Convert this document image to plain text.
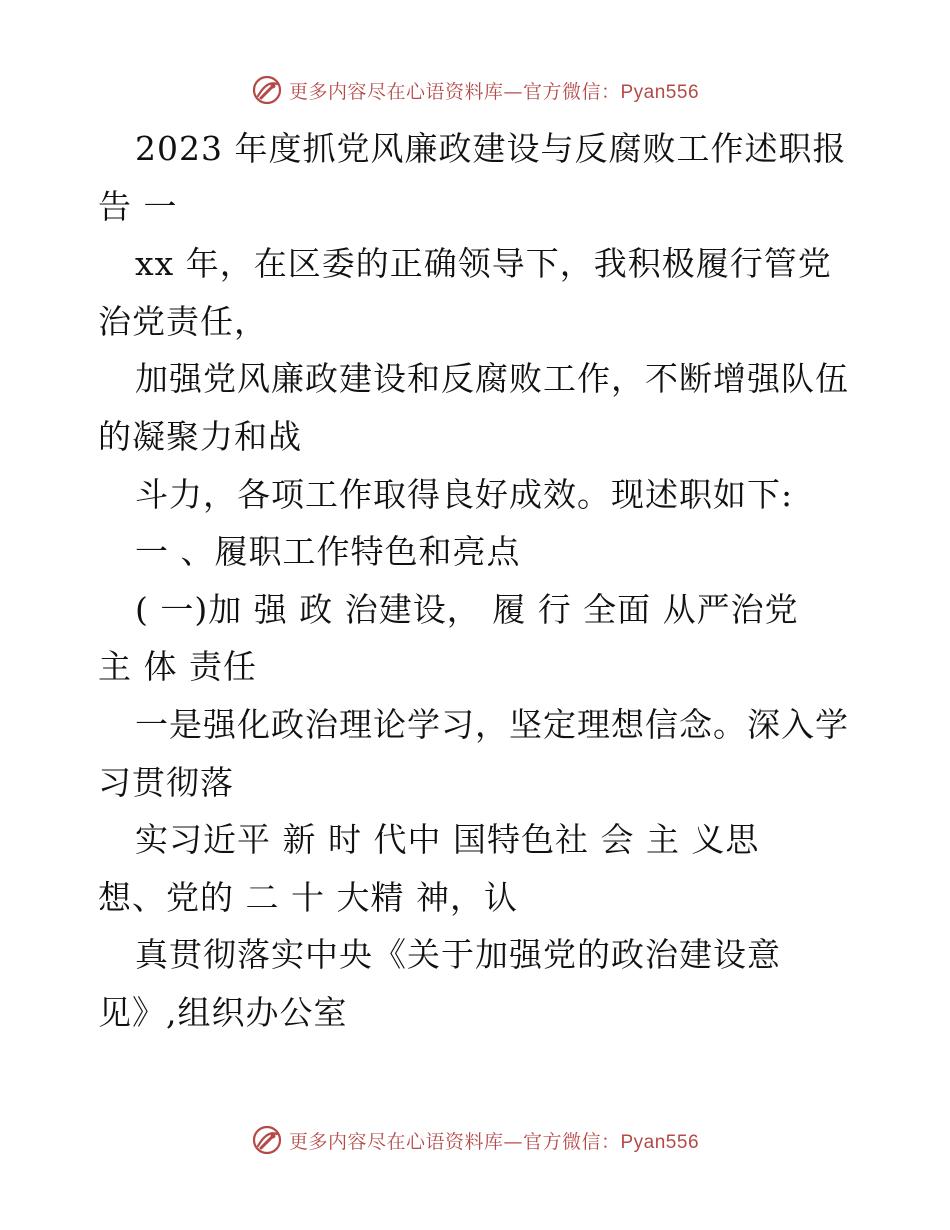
更多内容尽在心语资料库—官方微信：Pyan556
2023 年度抓党风廉政建设与反腐败工作述职报
告 一
xx 年，在区委的正确领导下，我积极履行管党
治党责任，
加强党风廉政建设和反腐败工作，不断增强队伍
的凝聚力和战
斗力，各项工作取得良好成效。现述职如下:
一 、履职工作特色和亮点
( 一)加 强 政 治建设， 履 行 全面 从严治党
主 体 责任
一是强化政治理论学习，坚定理想信念。深入学
习贯彻落
实习近平 新 时 代中 国特色社 会 主 义思
想、党的 二 十 大精 神，认
真贯彻落实中央《关于加强党的政治建设意
见》,组织办公室
更多内容尽在心语资料库—官方微信：Pyan556
